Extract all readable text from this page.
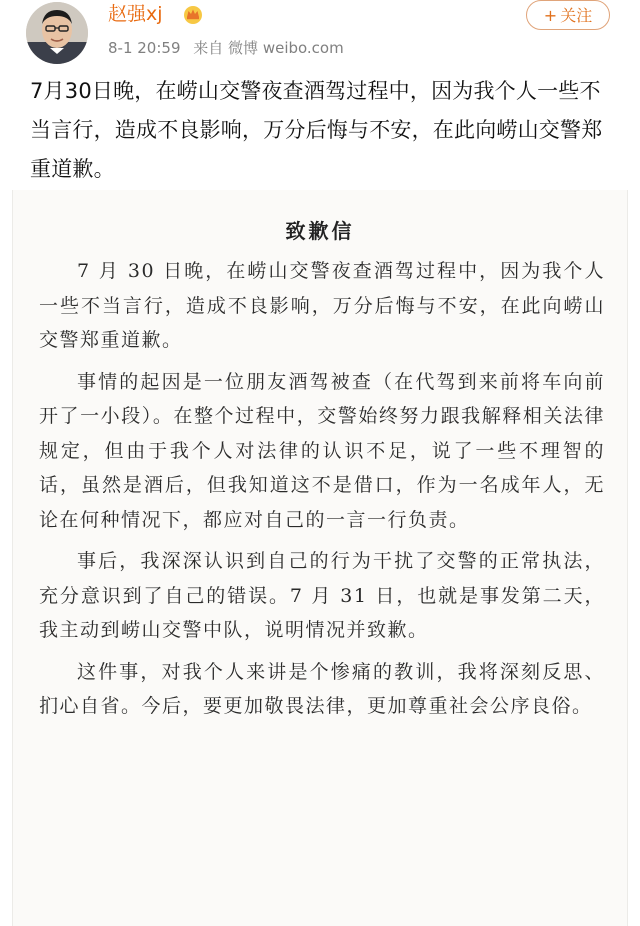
赵强xj
8-1 20:59 来自 微博 weibo.com
+ 关注

7月30日晚，在崂山交警夜查酒驾过程中，因为我个人一些不当言行，造成不良影响，万分后悔与不安，在此向崂山交警郑重道歉。

致歉信

7 月 30 日晚，在崂山交警夜查酒驾过程中，因为我个人一些不当言行，造成不良影响，万分后悔与不安，在此向崂山交警郑重道歉。

事情的起因是一位朋友酒驾被查（在代驾到来前将车向前开了一小段）。在整个过程中，交警始终努力跟我解释相关法律规定，但由于我个人对法律的认识不足，说了一些不理智的话，虽然是酒后，但我知道这不是借口，作为一名成年人，无论在何种情况下，都应对自己的一言一行负责。

事后，我深深认识到自己的行为干扰了交警的正常执法，充分意识到了自己的错误。7 月 31 日，也就是事发第二天，我主动到崂山交警中队，说明情况并致歉。

这件事，对我个人来讲是个惨痛的教训，我将深刻反思、扪心自省。今后，要更加敬畏法律，更加尊重社会公序良俗。
